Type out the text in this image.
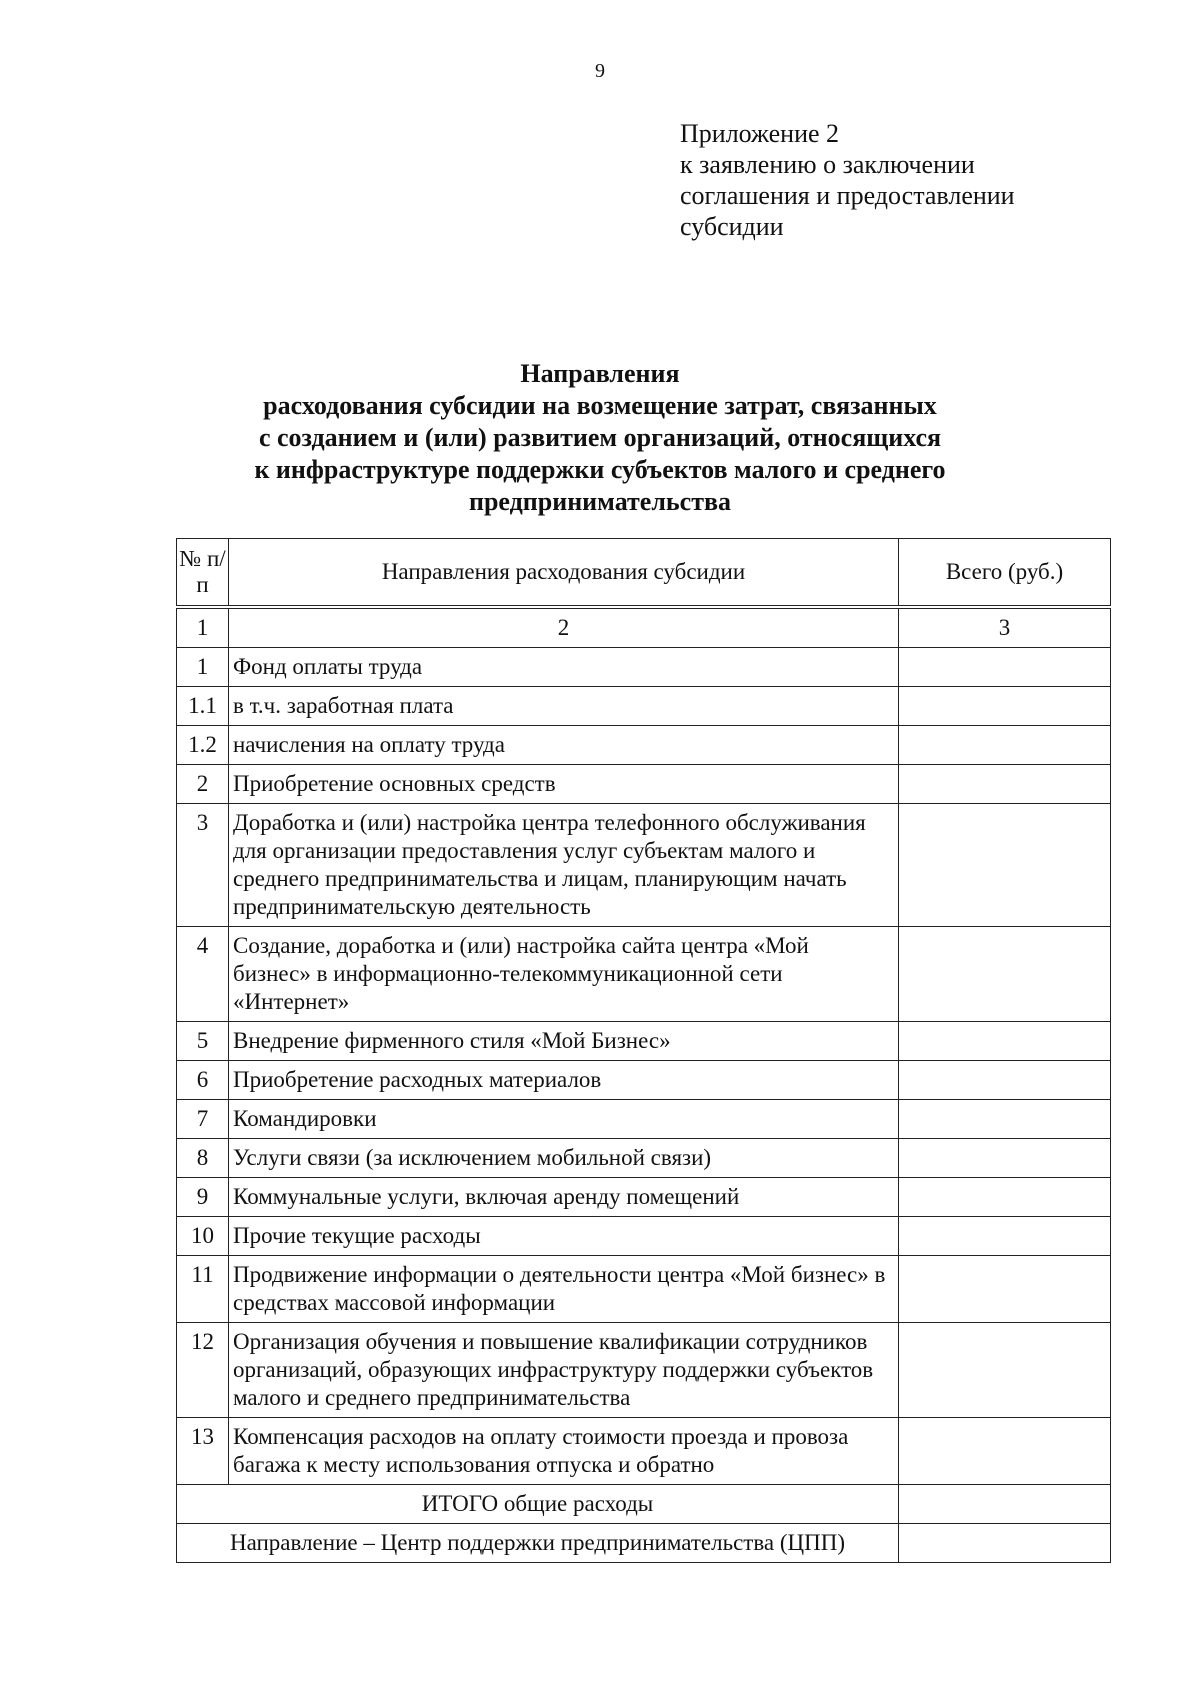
9
Приложение 2
к заявлению о заключении
соглашения и предоставлении
субсидии
Направления
расходования субсидии на возмещение затрат, связанных
с созданием и (или) развитием организаций, относящихся
к инфраструктуре поддержки субъектов малого и среднего
предпринимательства
№ п/п	Направления расходования субсидии	Всего (руб.)
1	2	3
1	Фонд оплаты труда	
1.1	в т.ч. заработная плата	
1.2	начисления на оплату труда	
2	Приобретение основных средств	
3	Доработка и (или) настройка центра телефонного обслуживания для организации предоставления услуг субъектам малого и среднего предпринимательства и лицам, планирующим начать предпринимательскую деятельность	
4	Создание, доработка и (или) настройка сайта центра «Мой бизнес» в информационно-телекоммуникационной сети «Интернет»	
5	Внедрение фирменного стиля «Мой Бизнес»	
6	Приобретение расходных материалов	
7	Командировки	
8	Услуги связи (за исключением мобильной связи)	
9	Коммунальные услуги, включая аренду помещений	
10	Прочие текущие расходы	
11	Продвижение информации о деятельности центра «Мой бизнес» в средствах массовой информации	
12	Организация обучения и повышение квалификации сотрудников организаций, образующих инфраструктуру поддержки субъектов малого и среднего предпринимательства	
13	Компенсация расходов на оплату стоимости проезда и провоза багажа к месту использования отпуска и обратно	
ИТОГО общие расходы		
Направление – Центр поддержки предпринимательства (ЦПП)		
